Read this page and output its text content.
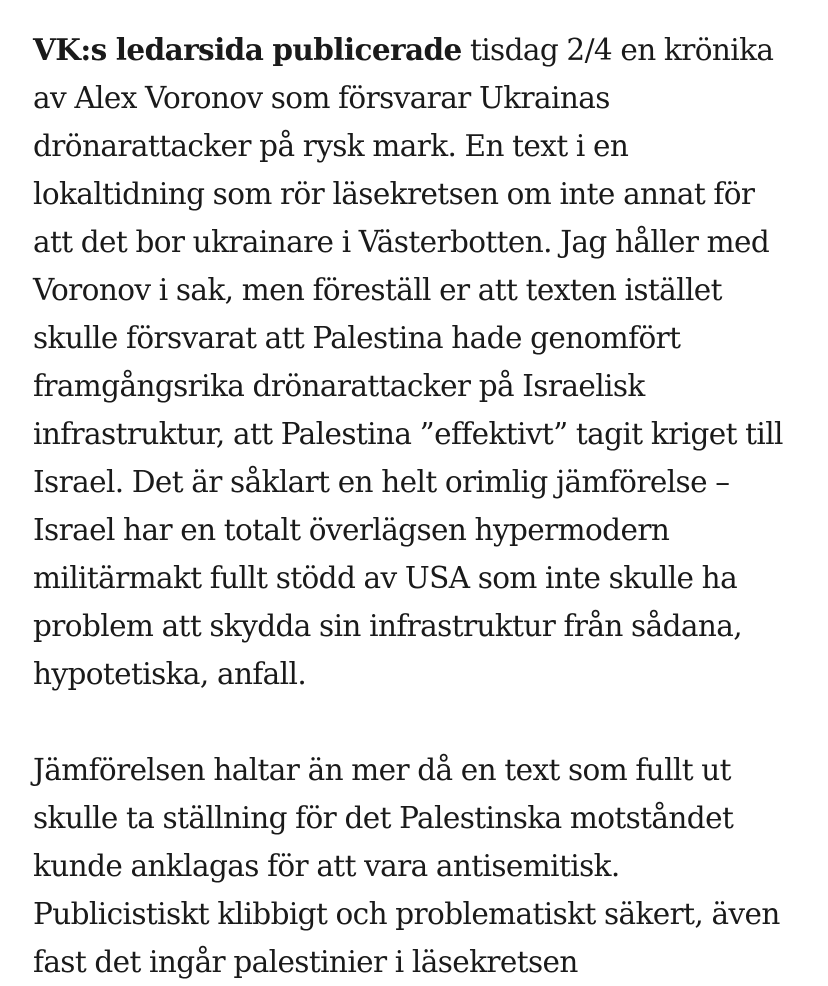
VK:s ledarsida publicerade tisdag 2/4 en krönika
av Alex Voronov som försvarar Ukrainas
drönarattacker på rysk mark. En text i en
lokaltidning som rör läsekretsen om inte annat för
att det bor ukrainare i Västerbotten. Jag håller med
Voronov i sak, men föreställ er att texten istället
skulle försvarat att Palestina hade genomfört
framgångsrika drönarattacker på Israelisk
infrastruktur, att Palestina ”effektivt” tagit kriget till
Israel. Det är såklart en helt orimlig jämförelse –
Israel har en totalt överlägsen hypermodern
militärmakt fullt stödd av USA som inte skulle ha
problem att skydda sin infrastruktur från sådana,
hypotetiska, anfall.

Jämförelsen haltar än mer då en text som fullt ut
skulle ta ställning för det Palestinska motståndet
kunde anklagas för att vara antisemitisk.
Publicistiskt klibbigt och problematiskt säkert, även
fast det ingår palestinier i läsekretsen
